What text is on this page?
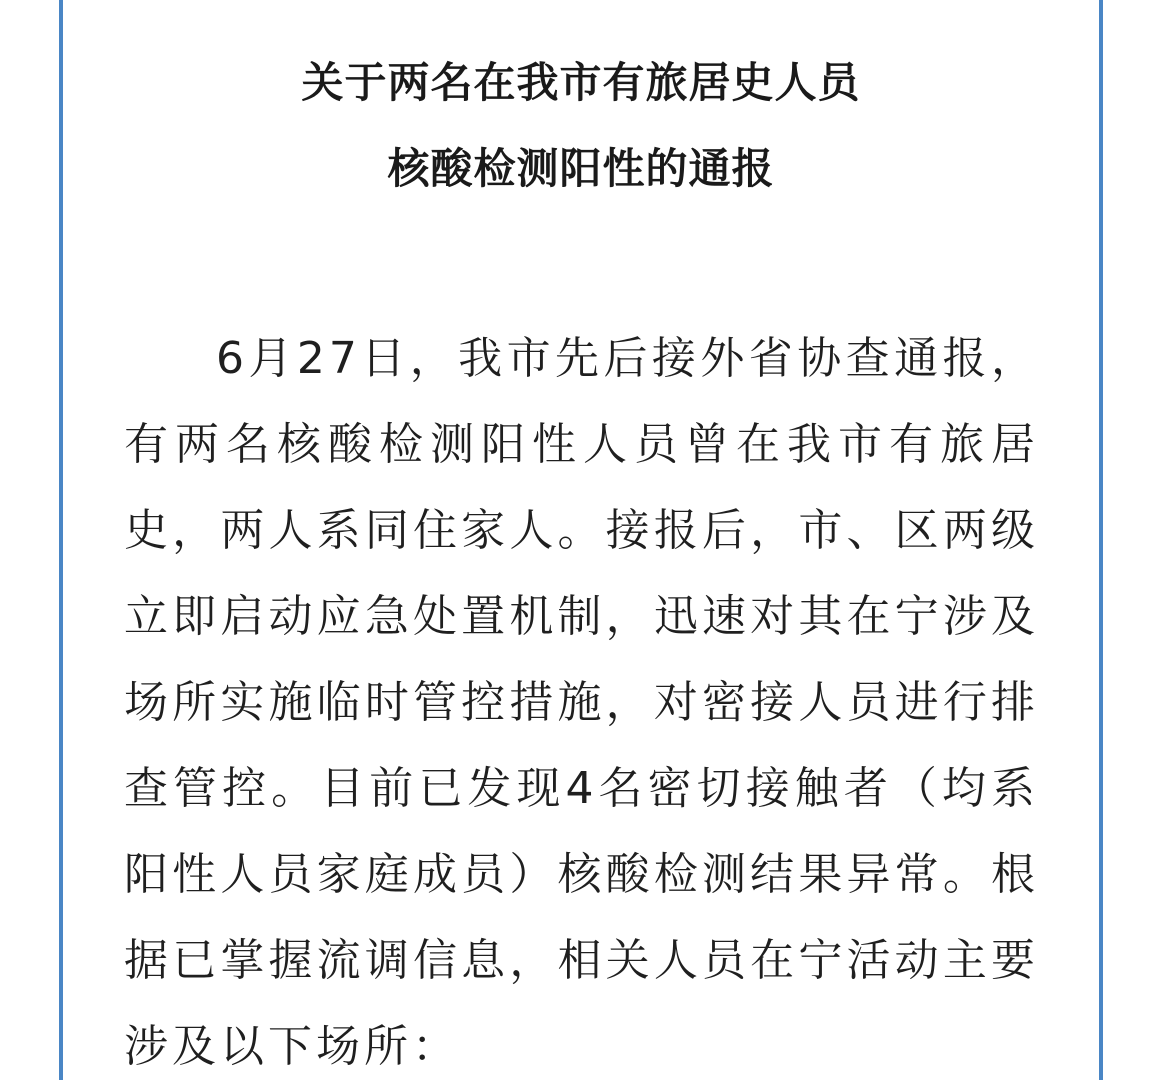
关于两名在我市有旅居史人员
核酸检测阳性的通报

6月27日，我市先后接外省协查通报，有两名核酸检测阳性人员曾在我市有旅居史，两人系同住家人。接报后，市、区两级立即启动应急处置机制，迅速对其在宁涉及场所实施临时管控措施，对密接人员进行排查管控。目前已发现4名密切接触者（均系阳性人员家庭成员）核酸检测结果异常。根据已掌握流调信息，相关人员在宁活动主要涉及以下场所：
